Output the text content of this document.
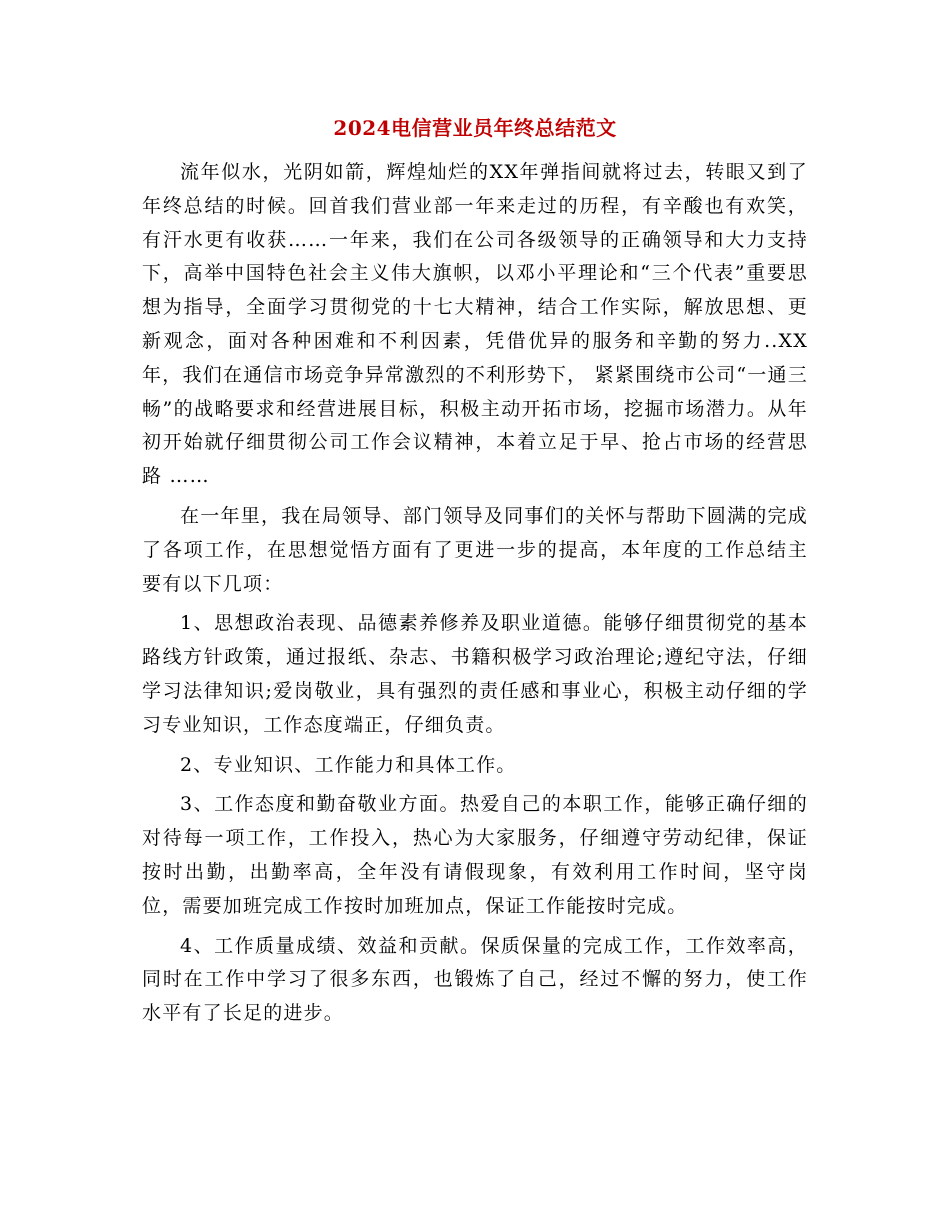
2024电信营业员年终总结范文

流年似水，光阴如箭，辉煌灿烂的XX年弹指间就将过去，转眼又到了年终总结的时候。回首我们营业部一年来走过的历程，有辛酸也有欢笑，有汗水更有收获……一年来，我们在公司各级领导的正确领导和大力支持下，高举中国特色社会主义伟大旗帜，以邓小平理论和“三个代表”重要思想为指导，全面学习贯彻党的十七大精神，结合工作实际，解放思想、更新观念，面对各种困难和不利因素，凭借优异的服务和辛勤的努力..XX年，我们在通信市场竞争异常激烈的不利形势下， 紧紧围绕市公司“一通三畅”的战略要求和经营进展目标，积极主动开拓市场，挖掘市场潜力。从年初开始就仔细贯彻公司工作会议精神，本着立足于早、抢占市场的经营思路 ……

在一年里，我在局领导、部门领导及同事们的关怀与帮助下圆满的完成了各项工作，在思想觉悟方面有了更进一步的提高，本年度的工作总结主要有以下几项：

1、思想政治表现、品德素养修养及职业道德。能够仔细贯彻党的基本路线方针政策，通过报纸、杂志、书籍积极学习政治理论;遵纪守法，仔细学习法律知识;爱岗敬业，具有强烈的责任感和事业心，积极主动仔细的学习专业知识，工作态度端正，仔细负责。

2、专业知识、工作能力和具体工作。

3、工作态度和勤奋敬业方面。热爱自己的本职工作，能够正确仔细的对待每一项工作，工作投入，热心为大家服务，仔细遵守劳动纪律，保证按时出勤，出勤率高，全年没有请假现象，有效利用工作时间，坚守岗位，需要加班完成工作按时加班加点，保证工作能按时完成。

4、工作质量成绩、效益和贡献。保质保量的完成工作，工作效率高，同时在工作中学习了很多东西，也锻炼了自己，经过不懈的努力，使工作水平有了长足的进步。
